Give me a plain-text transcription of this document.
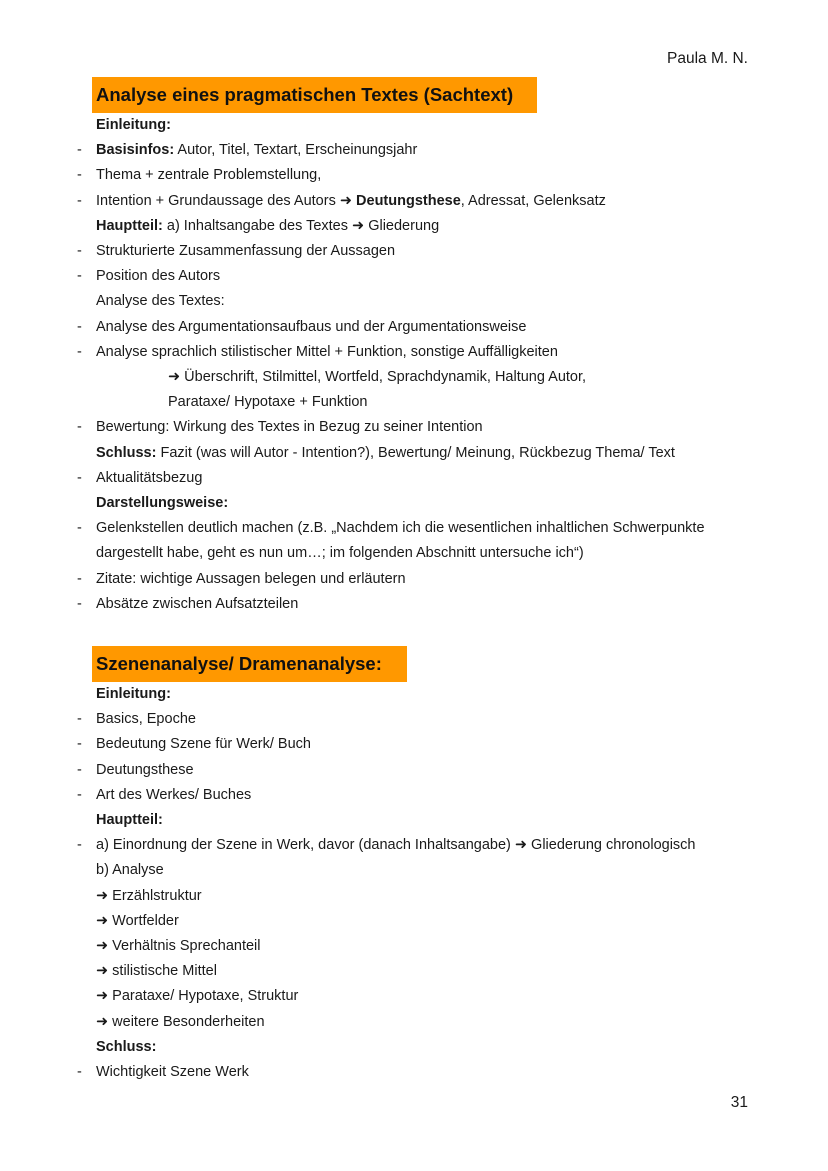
Paula M. N.
Analyse eines pragmatischen Textes (Sachtext)
Einleitung:
- Basisinfos: Autor, Titel, Textart, Erscheinungsjahr
- Thema + zentrale Problemstellung,
- Intention + Grundaussage des Autors ➜ Deutungsthese, Adressat, Gelenksatz
Hauptteil: a) Inhaltsangabe des Textes ➜ Gliederung
- Strukturierte Zusammenfassung der Aussagen
- Position des Autors
Analyse des Textes:
- Analyse des Argumentationsaufbaus und der Argumentationsweise
- Analyse sprachlich stilistischer Mittel + Funktion, sonstige Auffälligkeiten
➜ Überschrift, Stilmittel, Wortfeld, Sprachdynamik, Haltung Autor,
Parataxe/ Hypotaxe + Funktion
- Bewertung: Wirkung des Textes in Bezug zu seiner Intention
Schluss: Fazit (was will Autor - Intention?), Bewertung/ Meinung, Rückbezug Thema/ Text
- Aktualitätsbezug
Darstellungsweise:
- Gelenkstellen deutlich machen (z.B. „Nachdem ich die wesentlichen inhaltlichen Schwerpunkte
dargestellt habe, geht es nun um…; im folgenden Abschnitt untersuche ich“)
- Zitate: wichtige Aussagen belegen und erläutern
- Absätze zwischen Aufsatzteilen
Szenenanalyse/ Dramenanalyse:
Einleitung:
- Basics, Epoche
- Bedeutung Szene für Werk/ Buch
- Deutungsthese
- Art des Werkes/ Buches
Hauptteil:
- a) Einordnung der Szene in Werk, davor (danach Inhaltsangabe) ➜ Gliederung chronologisch
b) Analyse
➜ Erzählstruktur
➜ Wortfelder
➜ Verhältnis Sprechanteil
➜ stilistische Mittel
➜ Parataxe/ Hypotaxe, Struktur
➜ weitere Besonderheiten
Schluss:
- Wichtigkeit Szene Werk
31
